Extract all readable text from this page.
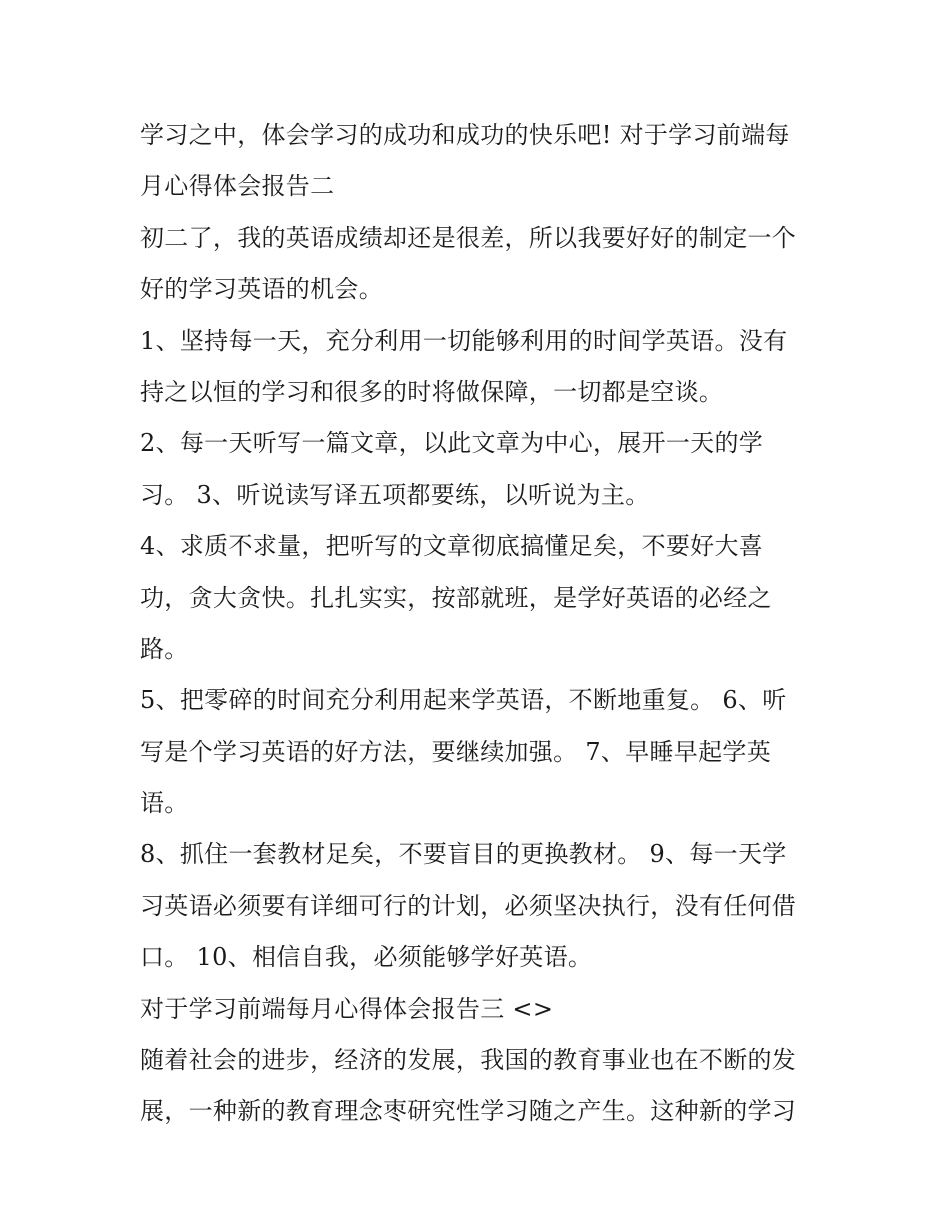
学习之中，体会学习的成功和成功的快乐吧! 对于学习前端每
月心得体会报告二
初二了，我的英语成绩却还是很差，所以我要好好的制定一个
好的学习英语的机会。
1、坚持每一天，充分利用一切能够利用的时间学英语。没有
持之以恒的学习和很多的时将做保障，一切都是空谈。
2、每一天听写一篇文章，以此文章为中心，展开一天的学
习。 3、听说读写译五项都要练，以听说为主。
4、求质不求量，把听写的文章彻底搞懂足矣，不要好大喜
功，贪大贪快。扎扎实实，按部就班，是学好英语的必经之
路。
5、把零碎的时间充分利用起来学英语，不断地重复。 6、听
写是个学习英语的好方法，要继续加强。 7、早睡早起学英
语。
8、抓住一套教材足矣，不要盲目的更换教材。 9、每一天学
习英语必须要有详细可行的计划，必须坚决执行，没有任何借
口。 10、相信自我，必须能够学好英语。
对于学习前端每月心得体会报告三 <>
随着社会的进步，经济的发展，我国的教育事业也在不断的发
展，一种新的教育理念枣研究性学习随之产生。这种新的学习
